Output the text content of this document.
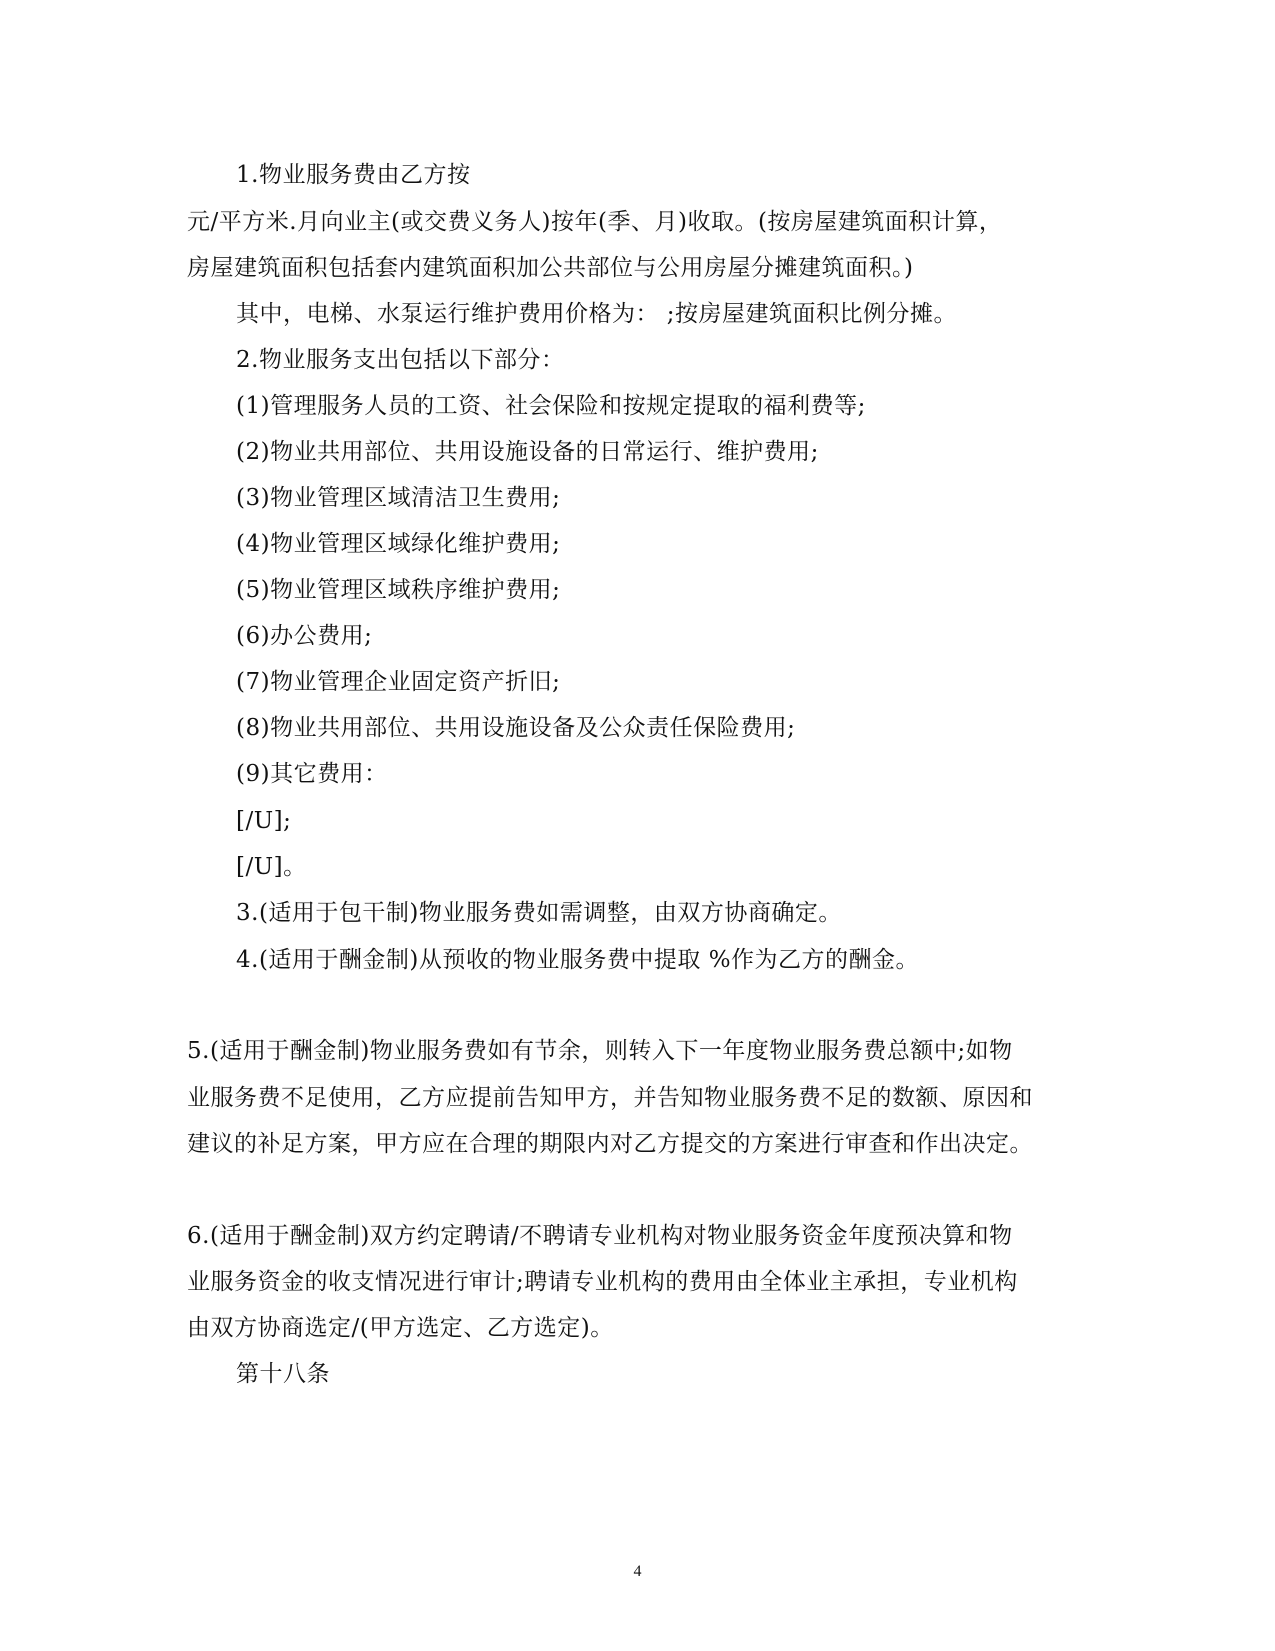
1.物业服务费由乙方按
元/平方米.月向业主(或交费义务人)按年(季、月)收取。(按房屋建筑面积计算，
房屋建筑面积包括套内建筑面积加公共部位与公用房屋分摊建筑面积。)
其中，电梯、水泵运行维护费用价格为： ;按房屋建筑面积比例分摊。
2.物业服务支出包括以下部分：
(1)管理服务人员的工资、社会保险和按规定提取的福利费等;
(2)物业共用部位、共用设施设备的日常运行、维护费用;
(3)物业管理区域清洁卫生费用;
(4)物业管理区域绿化维护费用;
(5)物业管理区域秩序维护费用;
(6)办公费用;
(7)物业管理企业固定资产折旧;
(8)物业共用部位、共用设施设备及公众责任保险费用;
(9)其它费用：
[/U];
[/U]。
3.(适用于包干制)物业服务费如需调整，由双方协商确定。
4.(适用于酬金制)从预收的物业服务费中提取 %作为乙方的酬金。
5.(适用于酬金制)物业服务费如有节余，则转入下一年度物业服务费总额中;如物
业服务费不足使用，乙方应提前告知甲方，并告知物业服务费不足的数额、原因和
建议的补足方案，甲方应在合理的期限内对乙方提交的方案进行审查和作出决定。
6.(适用于酬金制)双方约定聘请/不聘请专业机构对物业服务资金年度预决算和物
业服务资金的收支情况进行审计;聘请专业机构的费用由全体业主承担，专业机构
由双方协商选定/(甲方选定、乙方选定)。
第十八条
4
